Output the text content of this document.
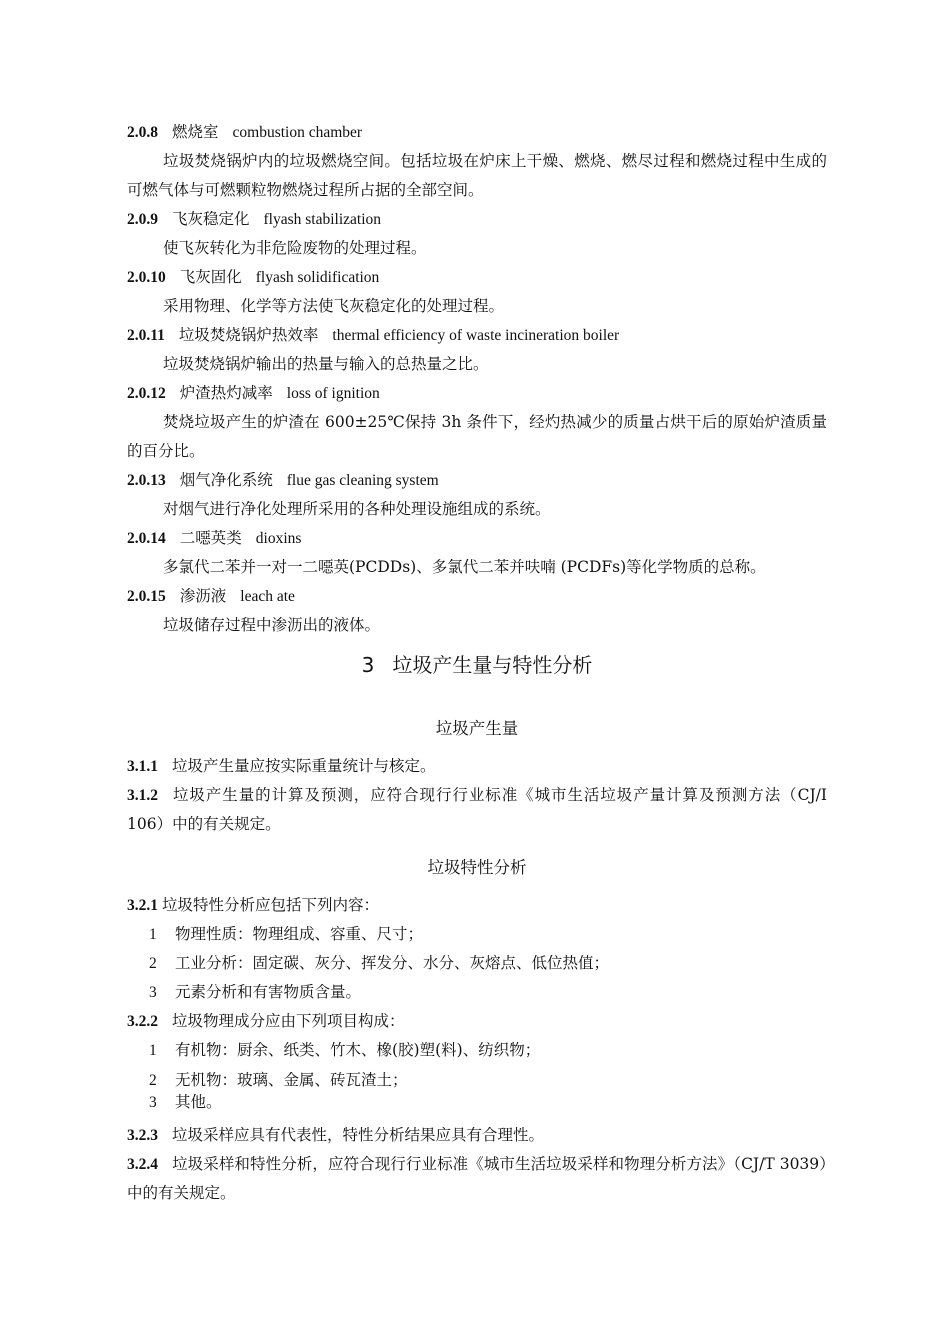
2.0.8 燃烧室 combustion chamber
垃圾焚烧锅炉内的垃圾燃烧空间。包括垃圾在炉床上干燥、燃烧、燃尽过程和燃烧过程中生成的可燃气体与可燃颗粒物燃烧过程所占据的全部空间。
2.0.9 飞灰稳定化 flyash stabilization
使飞灰转化为非危险废物的处理过程。
2.0.10 飞灰固化 flyash solidification
采用物理、化学等方法使飞灰稳定化的处理过程。
2.0.11 垃圾焚烧锅炉热效率 thermal efficiency of waste incineration boiler
垃圾焚烧锅炉输出的热量与输入的总热量之比。
2.0.12 炉渣热灼减率 loss of ignition
焚烧垃圾产生的炉渣在 600±25℃保持 3h 条件下，经灼热减少的质量占烘干后的原始炉渣质量的百分比。
2.0.13 烟气净化系统 flue gas cleaning system
对烟气进行净化处理所采用的各种处理设施组成的系统。
2.0.14 二噁英类 dioxins
多氯代二苯并一对一二噁英(PCDDs)、多氯代二苯并呋喃 (PCDFs)等化学物质的总称。
2.0.15 渗沥液 leach ate
垃圾储存过程中渗沥出的液体。
3 垃圾产生量与特性分析
垃圾产生量
3.1.1 垃圾产生量应按实际重量统计与核定。
3.1.2 垃圾产生量的计算及预测，应符合现行行业标准《城市生活垃圾产量计算及预测方法（CJ/I 106）中的有关规定。
垃圾特性分析
3.2.1 垃圾特性分析应包括下列内容：
1 物理性质：物理组成、容重、尺寸；
2 工业分析：固定碳、灰分、挥发分、水分、灰熔点、低位热值；
3 元素分析和有害物质含量。
3.2.2 垃圾物理成分应由下列项目构成：
1 有机物：厨余、纸类、竹木、橡(胶)塑(料)、纺织物；
2 无机物：玻璃、金属、砖瓦渣土；
3 其他。
3.2.3 垃圾采样应具有代表性，特性分析结果应具有合理性。
3.2.4 垃圾采样和特性分析，应符合现行行业标准《城市生活垃圾采样和物理分析方法》（CJ/T 3039）中的有关规定。
